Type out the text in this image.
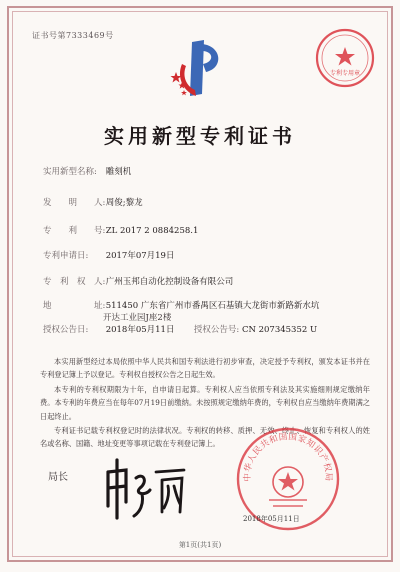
证书号第7333469号
专利专用章
实用新型专利证书
实用新型名称: 雕刻机
发　　明　　人: 周俊;黎龙
专　　利　　号: ZL 2017 2 0884258.1
专利申请日: 2017年07月19日
专　利　权　人: 广州玉邦自动化控制设备有限公司
地　　　　　址: 511450 广东省广州市番禺区石基镇大龙街市新路新水坑
开达工业园J座2楼
授权公告日: 2018年05月11日 授权公告号: CN 207345352 U

本实用新型经过本局依照中华人民共和国专利法进行初步审查，决定授予专利权，颁发本证书并在专利登记簿上予以登记。专利权自授权公告之日起生效。

本专利的专利权期限为十年，自申请日起算。专利权人应当依照专利法及其实施细则规定缴纳年费。本专利的年费应当在每年07月19日前缴纳。未按照规定缴纳年费的，专利权自应当缴纳年费期满之日起终止。

专利证书记载专利权登记时的法律状况。专利权的转移、质押、无效、终止、恢复和专利权人的姓名或名称、国籍、地址变更等事项记载在专利登记簿上。

局长	中华人民共和国国家知识产权局
2018年05月11日
第1页(共1页)
